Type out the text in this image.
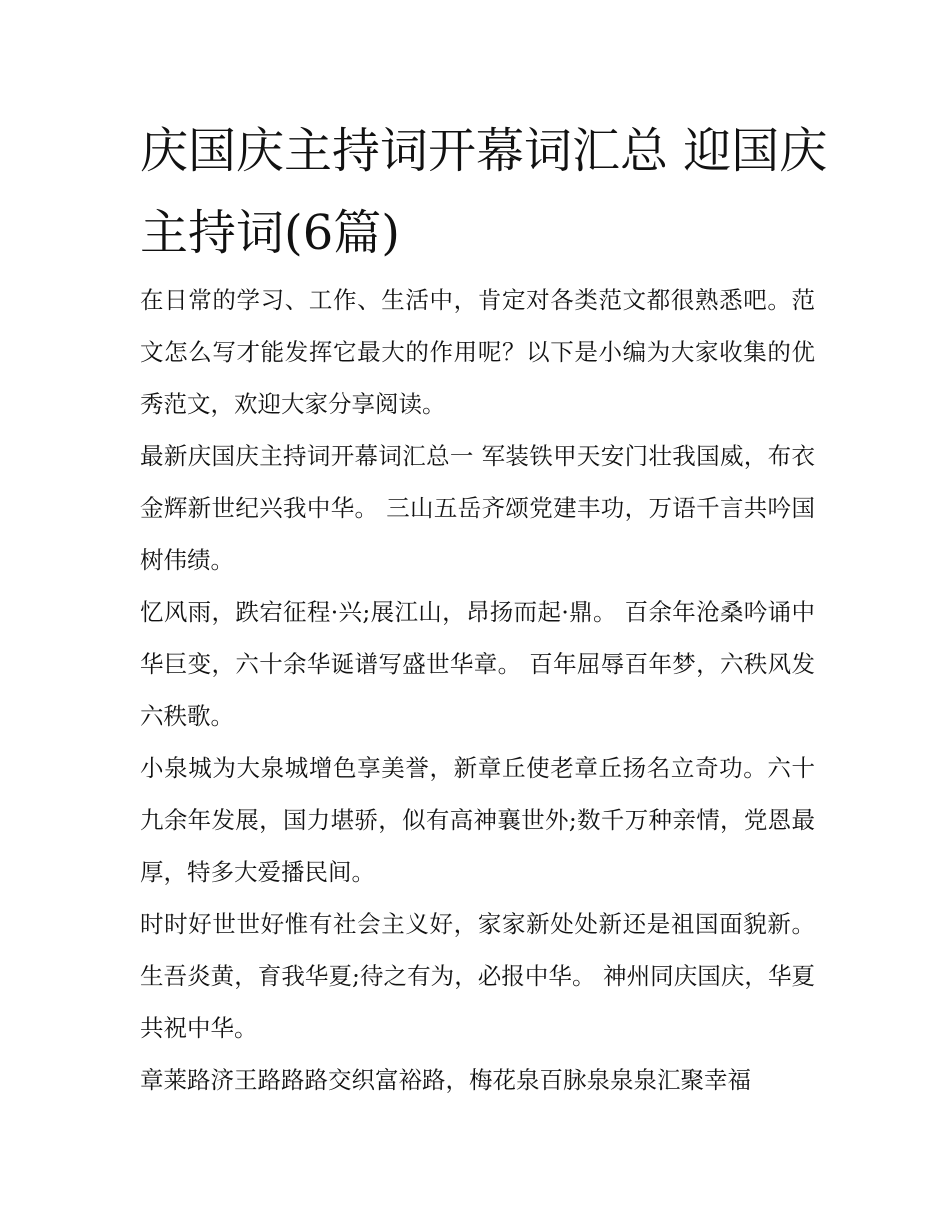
庆国庆主持词开幕词汇总 迎国庆主持词(6篇)

在日常的学习、工作、生活中，肯定对各类范文都很熟悉吧。范文怎么写才能发挥它最大的作用呢？以下是小编为大家收集的优秀范文，欢迎大家分享阅读。

最新庆国庆主持词开幕词汇总一 军装铁甲天安门壮我国威，布衣金辉新世纪兴我中华。 三山五岳齐颂党建丰功，万语千言共吟国树伟绩。

忆风雨，跌宕征程·兴;展江山，昂扬而起·鼎。 百余年沧桑吟诵中华巨变，六十余华诞谱写盛世华章。 百年屈辱百年梦，六秩风发六秩歌。

小泉城为大泉城增色享美誉，新章丘使老章丘扬名立奇功。六十九余年发展，国力堪骄，似有高神襄世外;数千万种亲情，党恩最厚，特多大爱播民间。

时时好世世好惟有社会主义好，家家新处处新还是祖国面貌新。 生吾炎黄，育我华夏;待之有为，必报中华。 神州同庆国庆，华夏共祝中华。

章莱路济王路路路交织富裕路，梅花泉百脉泉泉泉汇聚幸福
